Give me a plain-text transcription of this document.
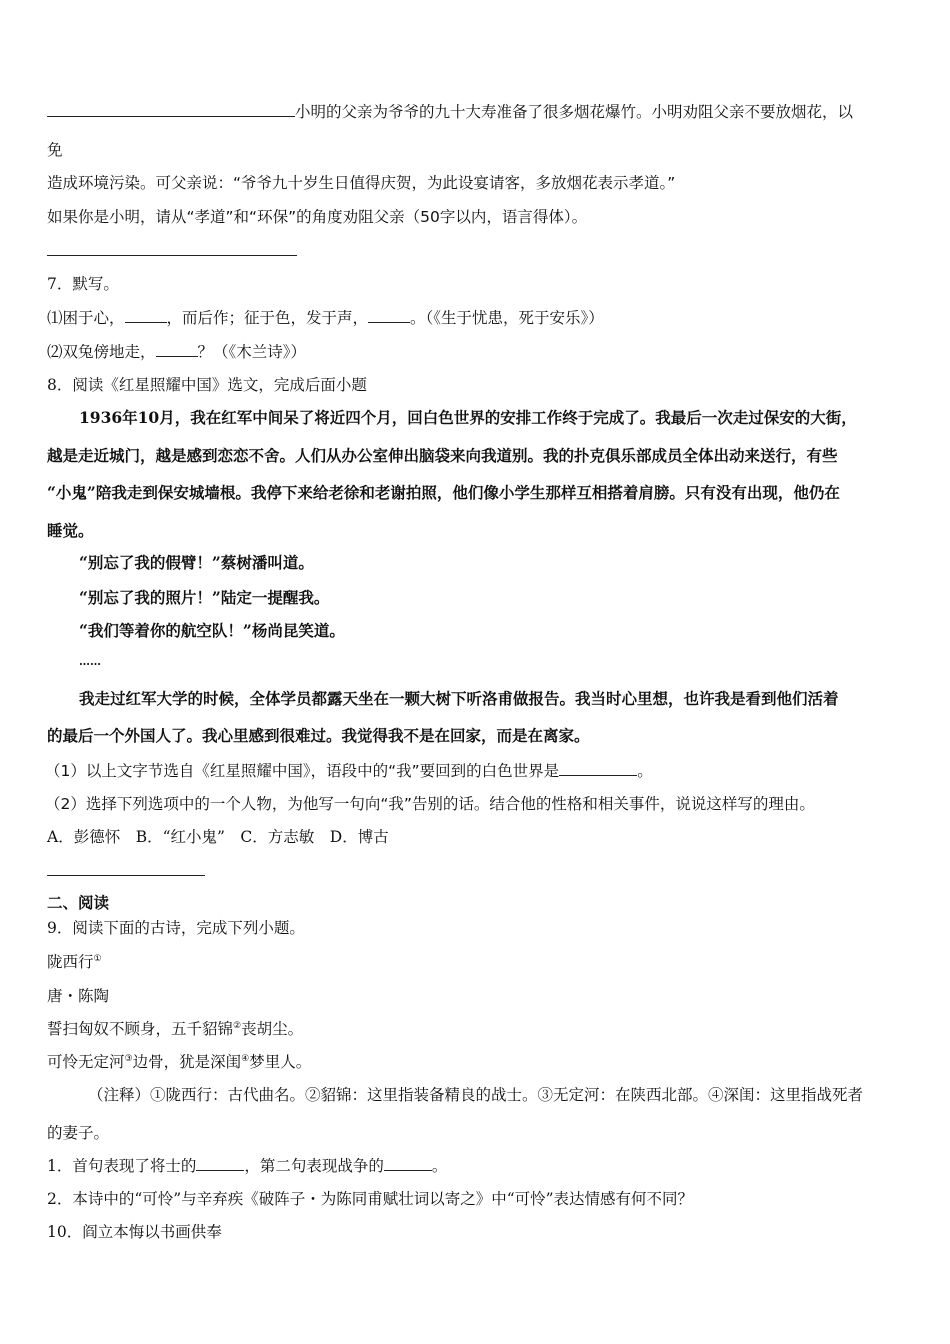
小明的父亲为爷爷的九十大寿准备了很多烟花爆竹。小明劝阻父亲不要放烟花，以
免
造成环境污染。可父亲说：“爷爷九十岁生日值得庆贺，为此设宴请客，多放烟花表示孝道。”
如果你是小明，请从“孝道”和“环保”的角度劝阻父亲（50字以内，语言得体）。
7．默写。
⑴困于心，	，而后作；征于色，发于声，	。（《生于忧患，死于安乐》）
⑵双兔傍地走，	？（《木兰诗》）
8．阅读《红星照耀中国》选文，完成后面小题
1936年10月，我在红军中间呆了将近四个月，回白色世界的安排工作终于完成了。我最后一次走过保安的大街，
越是走近城门，越是感到恋恋不舍。人们从办公室伸出脑袋来向我道别。我的扑克俱乐部成员全体出动来送行，有些
“小鬼”陪我走到保安城墙根。我停下来给老徐和老谢拍照，他们像小学生那样互相搭着肩膀。只有没有出现，他仍在
睡觉。
“别忘了我的假臂！”蔡树潘叫道。
“别忘了我的照片！”陆定一提醒我。
“我们等着你的航空队！”杨尚昆笑道。
……
我走过红军大学的时候，全体学员都露天坐在一颗大树下听洛甫做报告。我当时心里想，也许我是看到他们活着
的最后一个外国人了。我心里感到很难过。我觉得我不是在回家，而是在离家。
（1）以上文字节选自《红星照耀中国》，语段中的“我”要回到的白色世界是	。
（2）选择下列选项中的一个人物，为他写一句向“我”告别的话。结合他的性格和相关事件，说说这样写的理由。
A．彭德怀　B．“红小鬼”　C．方志敏　D．博古
二、阅读
9．阅读下面的古诗，完成下列小题。
陇西行①
唐・陈陶
誓扫匈奴不顾身，五千貂锦②丧胡尘。
可怜无定河③边骨，犹是深闺④梦里人。
（注释）①陇西行：古代曲名。②貂锦：这里指装备精良的战士。③无定河：在陕西北部。④深闺：这里指战死者
的妻子。
1．首句表现了将士的	，第二句表现战争的	。
2．本诗中的“可怜”与辛弃疾《破阵子・为陈同甫赋壮词以寄之》中“可怜”表达情感有何不同？
10．阎立本悔以书画供奉
